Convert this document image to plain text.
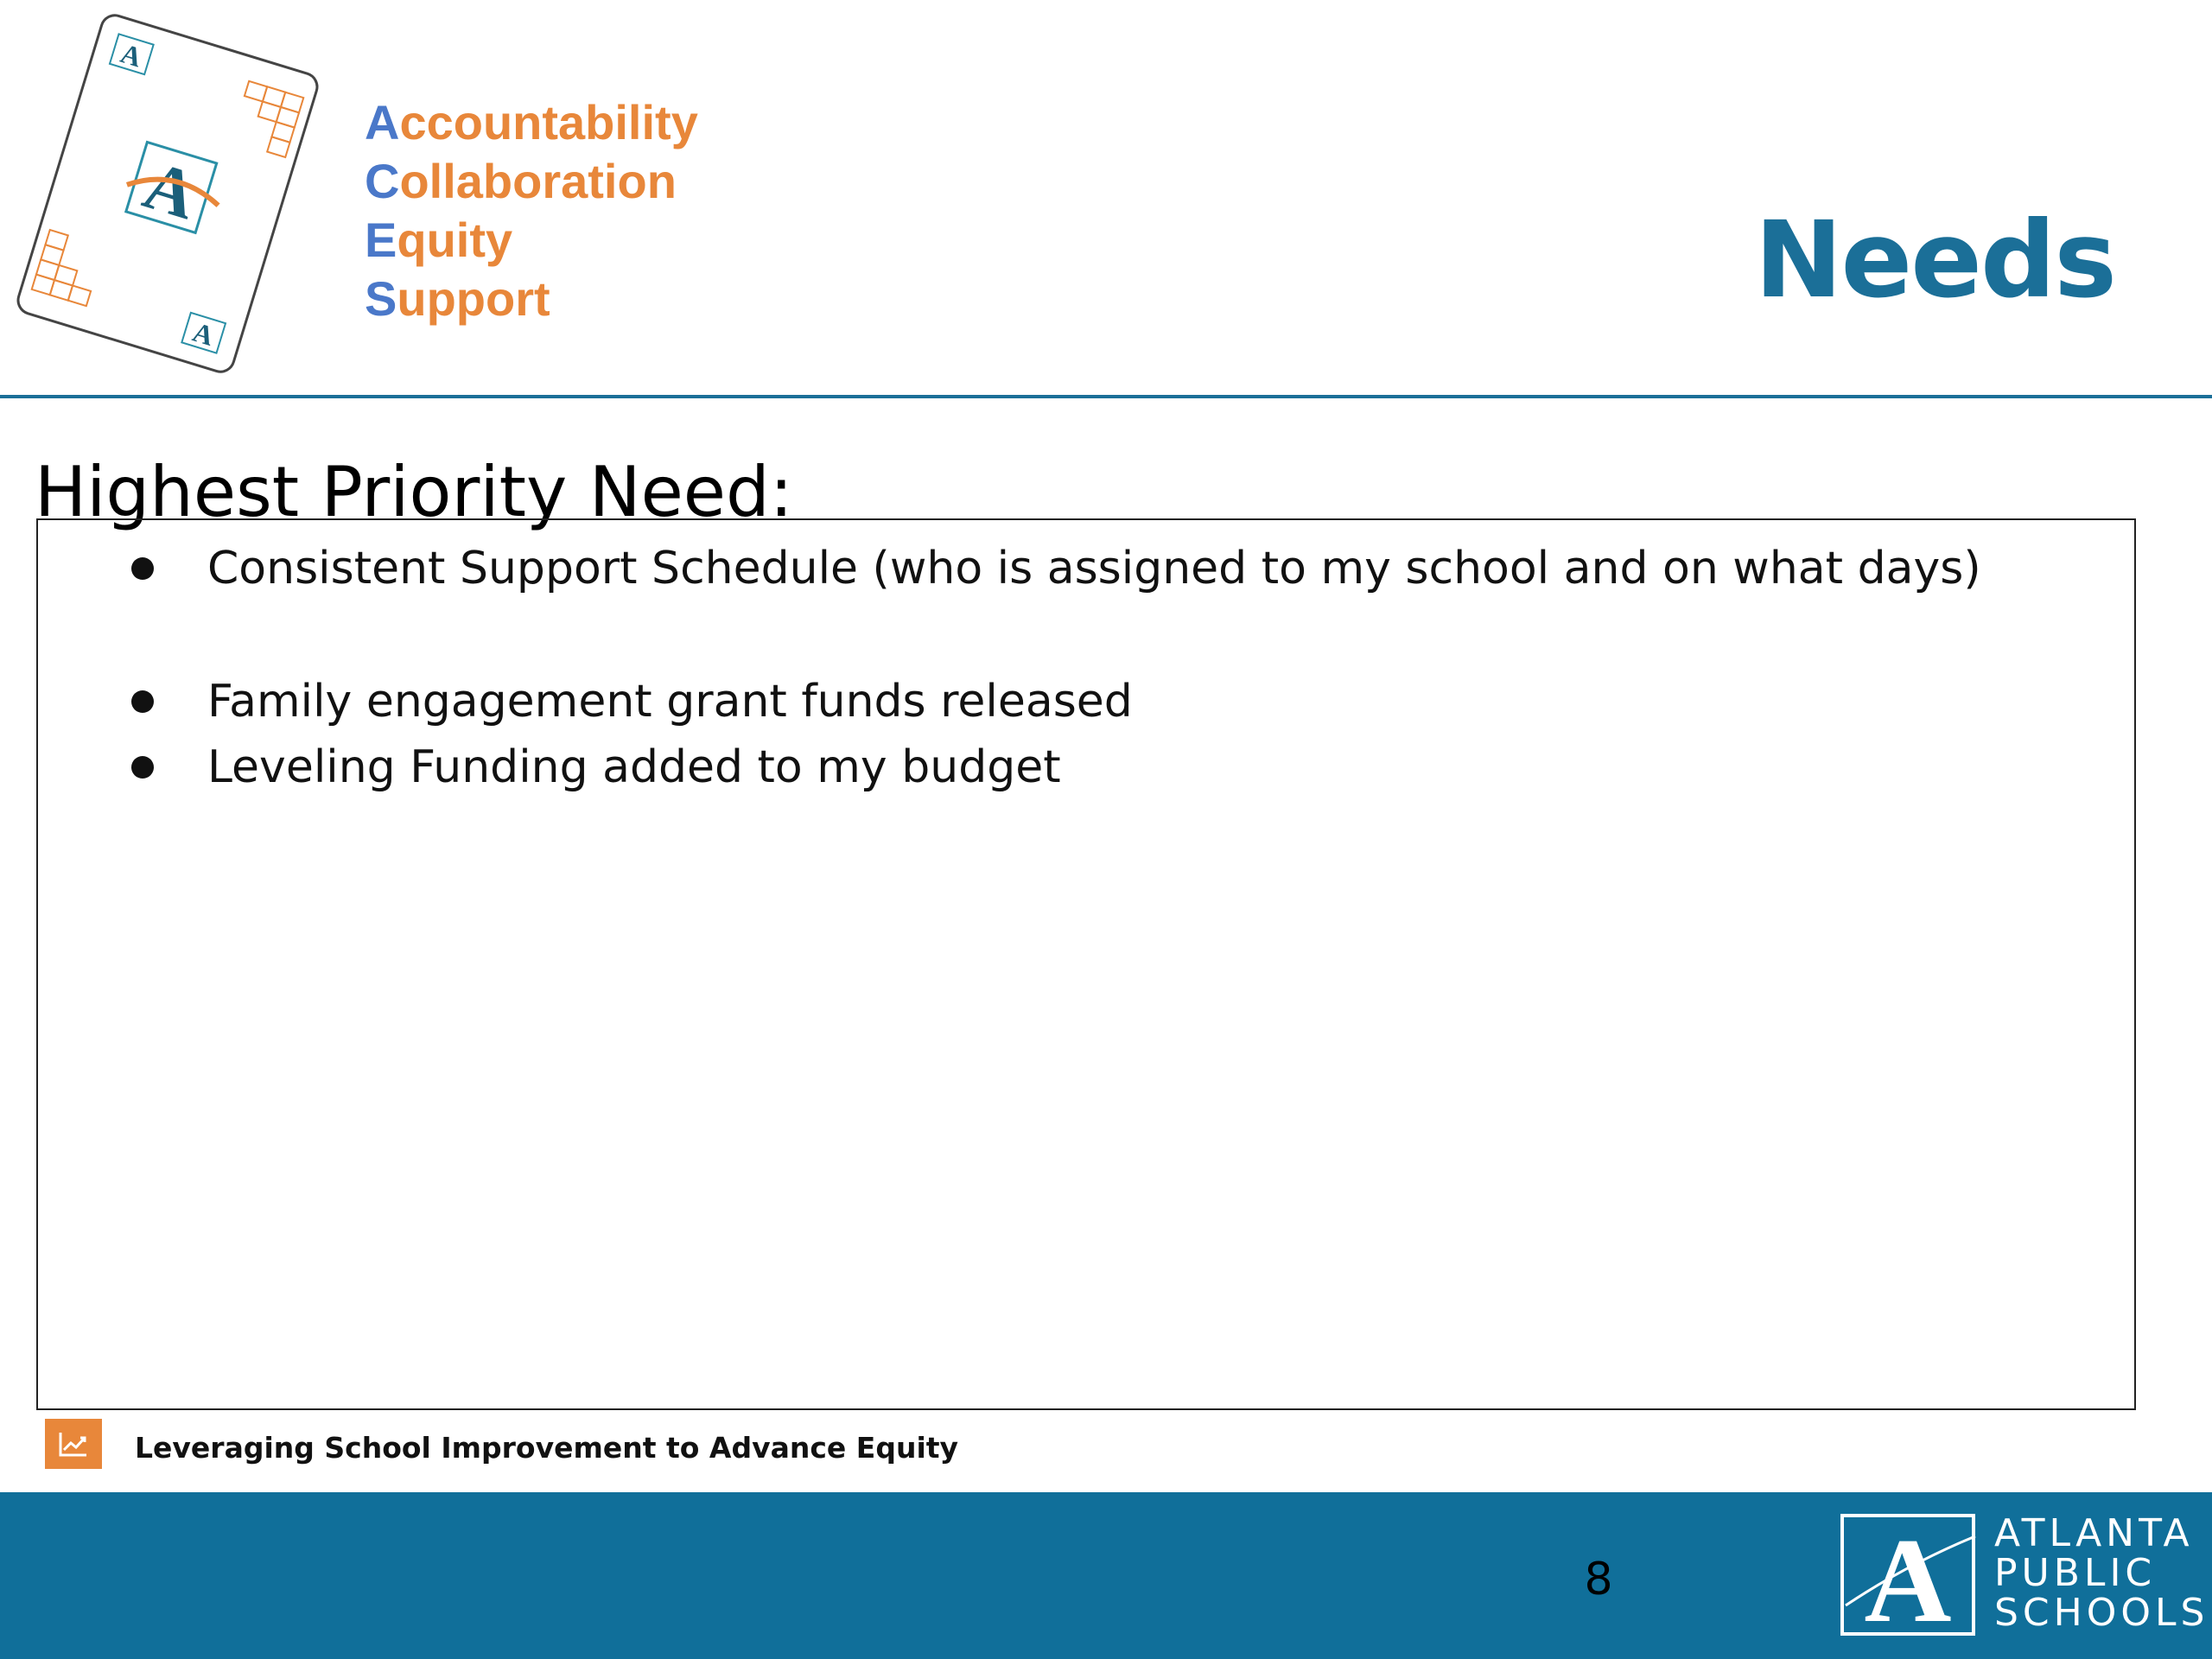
A
A
A
Accountability
Collaboration
Equity
Support	Needs
Highest Priority Need:
Consistent Support Schedule (who is assigned to my school and on what days)
Family engagement grant funds released
Leveling Funding added to my budget
Leveraging School Improvement to Advance Equity
8 A ATLANTA
PUBLIC
SCHOOLS
